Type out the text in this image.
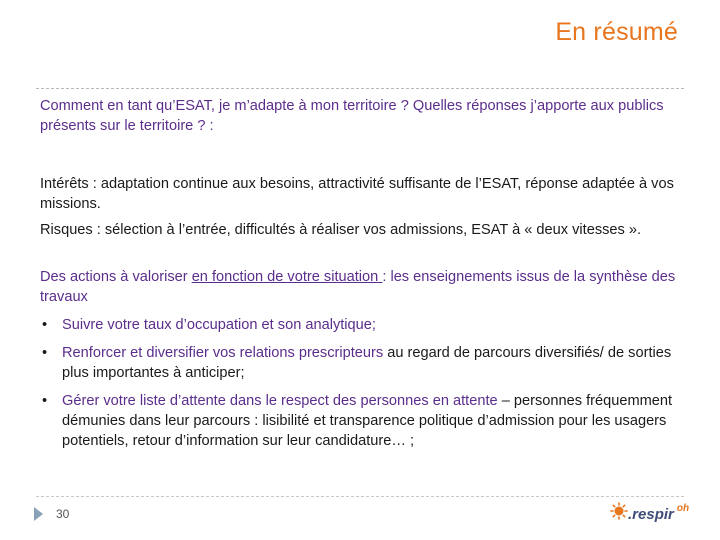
En résumé

Comment en tant qu’ESAT, je m’adapte à mon territoire ? Quelles réponses j’apporte aux publics présents sur le territoire ? :

Intérêts : adaptation continue aux besoins, attractivité suffisante de l’ESAT, réponse adaptée à vos missions.

Risques : sélection à l’entrée, difficultés à réaliser vos admissions, ESAT à « deux vitesses ».

Des actions à valoriser en fonction de votre situation : les enseignements issus de la synthèse des travaux

• Suivre votre taux d’occupation et son analytique;
• Renforcer et diversifier vos relations prescripteurs au regard de parcours diversifiés/ de sorties plus importantes à anticiper;
• Gérer votre liste d’attente dans le respect des personnes en attente – personnes fréquemment démunies dans leur parcours : lisibilité et transparence politique d’admission pour les usagers potentiels, retour d’information sur leur candidature… ;
30	.respir $^{oh}$
